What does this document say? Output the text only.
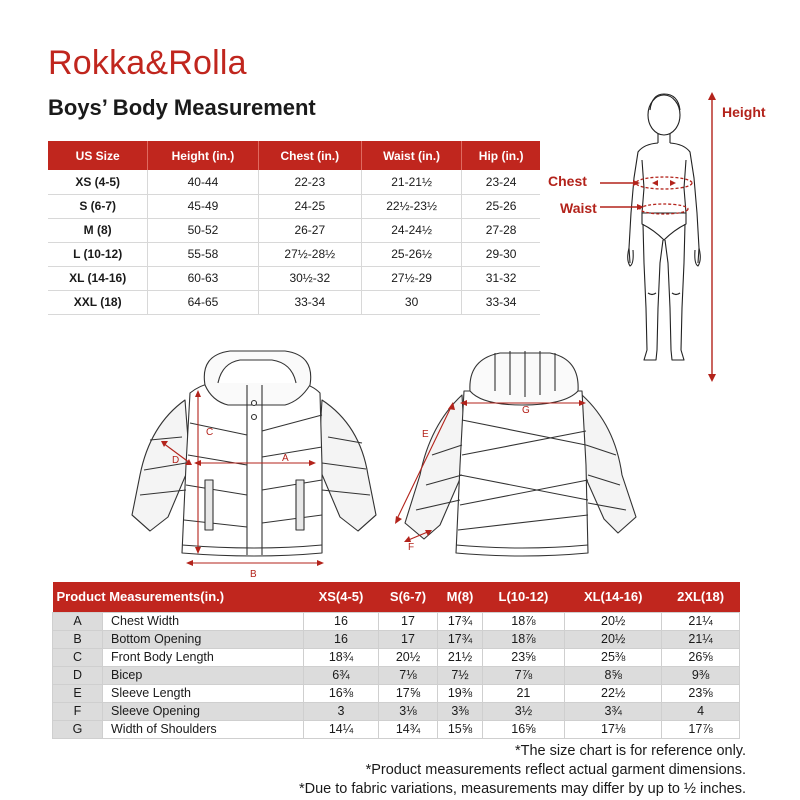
Rokka&Rolla
Boys’ Body Measurement
US Size	Height (in.)	Chest (in.)	Waist (in.)	Hip (in.)
XS (4-5)	40-44	22-23	21-21½	23-24
S (6-7)	45-49	24-25	22½-23½	25-26
M (8)	50-52	26-27	24-24½	27-28
L (10-12)	55-58	27½-28½	25-26½	29-30
XL (14-16)	60-63	30½-32	27½-29	31-32
XXL (18)	64-65	33-34	30	33-34
Height
Chest
Waist
A
B
C
D
G
E
F
Product Measurements(in.)		XS(4-5)	S(6-7)	M(8)	L(10-12)	XL(14-16)	2XL(18)
A	Chest Width	16	17	17¾	18⅞	20½	21¼
B	Bottom Opening	16	17	17¾	18⅞	20½	21¼
C	Front Body Length	18¾	20½	21½	23⅝	25⅜	26⅝
D	Bicep	6¾	7⅛	7½	7⅞	8⅝	9⅜
E	Sleeve Length	16⅜	17⅝	19⅜	21	22½	23⅝
F	Sleeve Opening	3	3⅛	3⅜	3½	3¾	4
G	Width of Shoulders	14¼	14¾	15⅝	16⅝	17⅛	17⅞
*The size chart is for reference only.
*Product measurements reflect actual garment dimensions.
*Due to fabric variations, measurements may differ by up to ½ inches.
